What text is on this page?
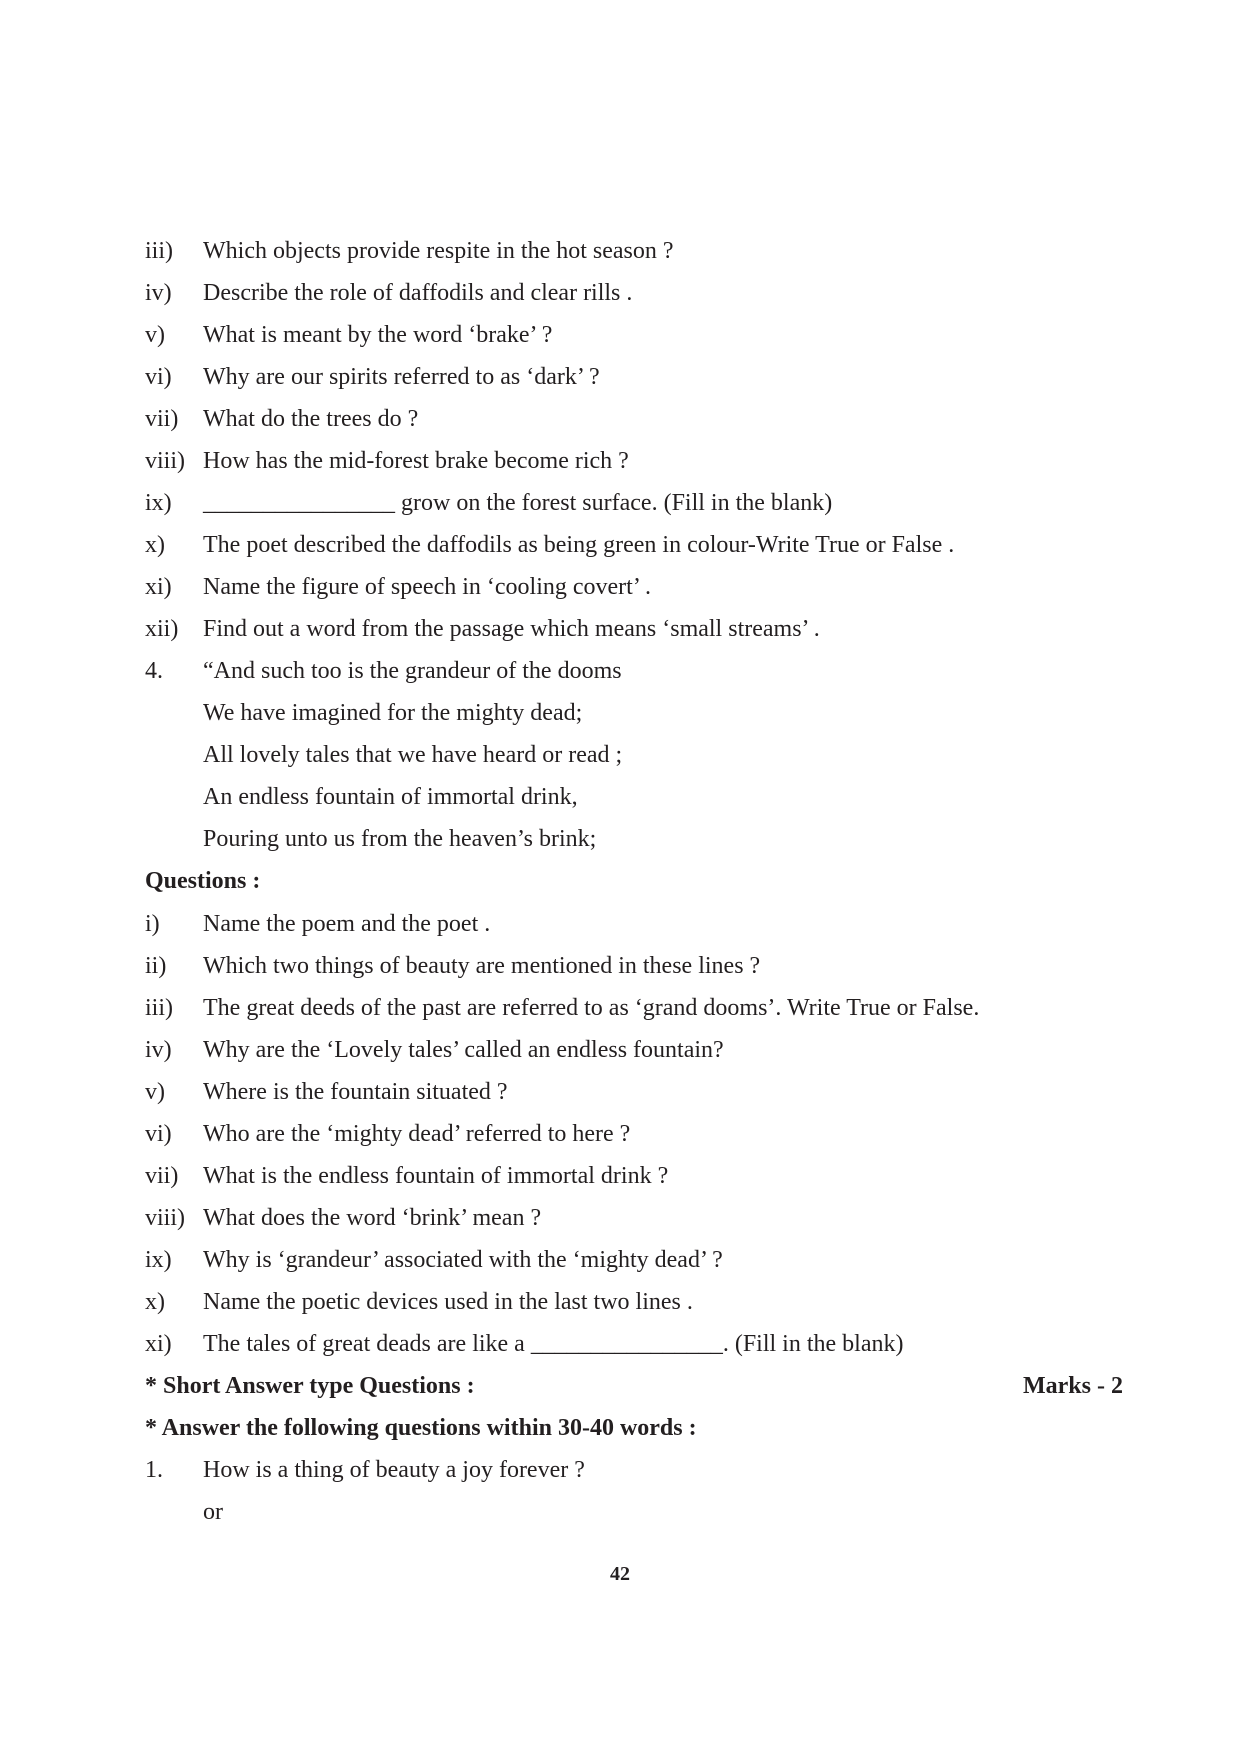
iii) Which objects provide respite in the hot season ?
iv) Describe the role of daffodils and clear rills .
v) What is meant by the word ‘brake’ ?
vi) Why are our spirits referred to as ‘dark’ ?
vii) What do the trees do ?
viii) How has the mid-forest brake become rich ?
ix) ________________ grow on the forest surface. (Fill in the blank)
x) The poet described the daffodils as being green in colour-Write True or False .
xi) Name the figure of speech in ‘cooling covert’ .
xii) Find out a word from the passage which means ‘small streams’ .
4. “And such too is the grandeur of the dooms
We have imagined for the mighty dead;
All lovely tales that we have heard or read ;
An endless fountain of immortal drink,
Pouring unto us from the heaven’s brink;
Questions :
i) Name the poem and the poet .
ii) Which two things of beauty are mentioned in these lines ?
iii) The great deeds of the past are referred to as ‘grand dooms’. Write True or False.
iv) Why are the ‘Lovely tales’ called an endless fountain?
v) Where is the fountain situated ?
vi) Who are the ‘mighty dead’ referred to here ?
vii) What is the endless fountain of immortal drink ?
viii) What does the word ‘brink’ mean ?
ix) Why is ‘grandeur’ associated with the ‘mighty dead’ ?
x) Name the poetic devices used in the last two lines .
xi) The tales of great deads are like a ________________. (Fill in the blank)
* Short Answer type Questions :	Marks - 2
* Answer the following questions within 30-40 words :
1. How is a thing of beauty a joy forever ?
or
42
